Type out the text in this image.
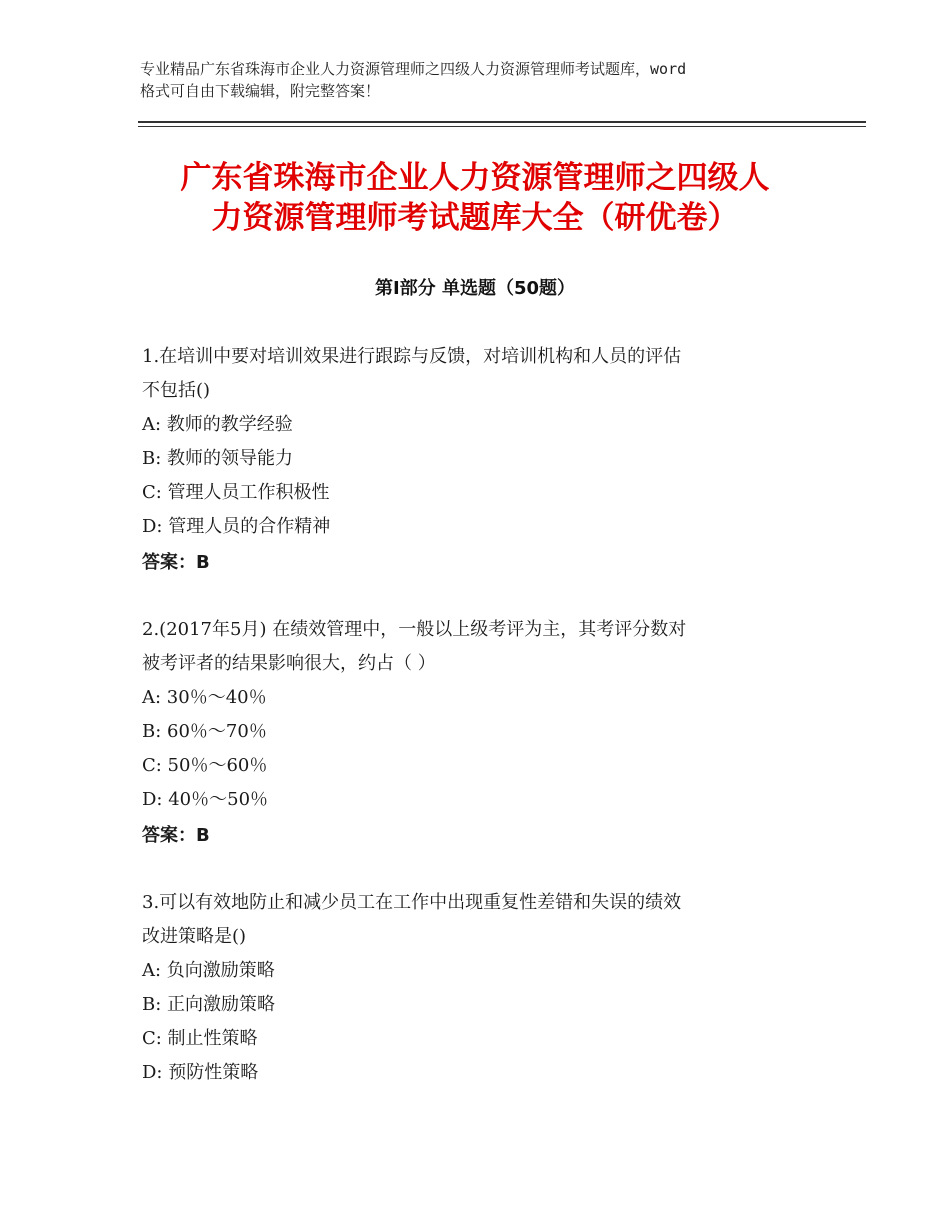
专业精品广东省珠海市企业人力资源管理师之四级人力资源管理师考试题库，word
格式可自由下载编辑，附完整答案！
广东省珠海市企业人力资源管理师之四级人
力资源管理师考试题库大全（研优卷）
第Ⅰ部分 单选题（50题）
1.在培训中要对培训效果进行跟踪与反馈，对培训机构和人员的评估
不包括()
A: 教师的教学经验
B: 教师的领导能力
C: 管理人员工作积极性
D: 管理人员的合作精神
答案：B
2.(2017年5月) 在绩效管理中，一般以上级考评为主，其考评分数对
被考评者的结果影响很大，约占（ ）
A: 30％～40％
B: 60％～70％
C: 50％～60％
D: 40％～50％
答案：B
3.可以有效地防止和减少员工在工作中出现重复性差错和失误的绩效
改进策略是()
A: 负向激励策略
B: 正向激励策略
C: 制止性策略
D: 预防性策略
